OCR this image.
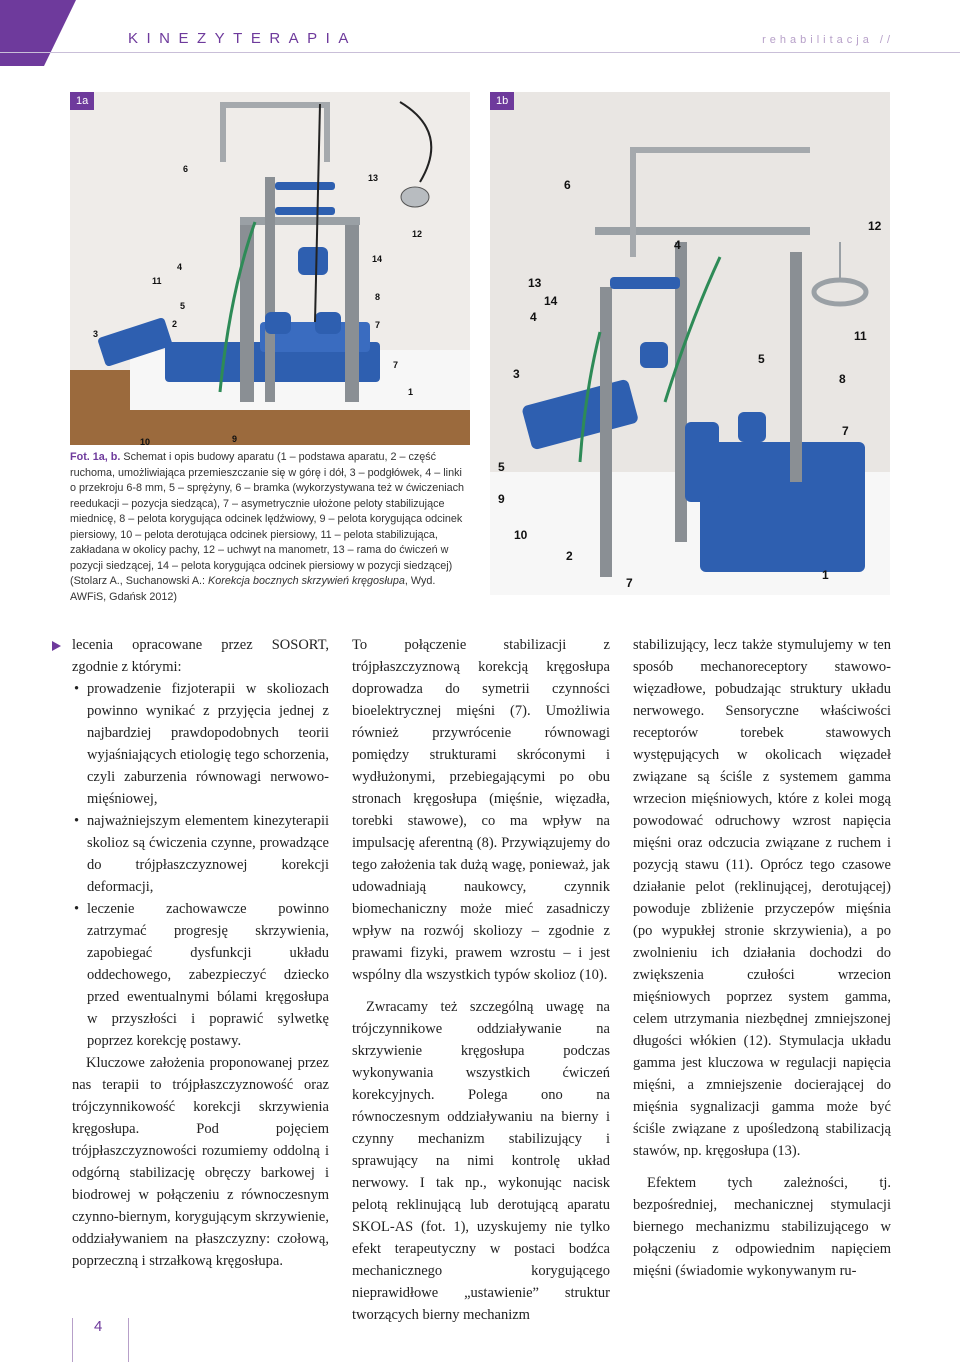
KINEZYTERAPIA	rehabilitacja //
1a
6
13
12
4
14
11
8
5
2	7
3
7
1
10	9
1b
6
12
4
13
14
4
11
5
8
3
7
5
9
10
2
7
1

Fot. 1a, b. Schemat i opis budowy aparatu (1 – podstawa aparatu, 2 – część ruchoma, umożliwiająca przemieszczanie się w górę i dół, 3 – podgłówek, 4 – linki o przekroju 6-8 mm, 5 – sprężyny, 6 – bramka (wykorzystywana też w ćwiczeniach reedukacji – pozycja siedząca), 7 – asymetrycznie ułożone peloty stabilizujące miednicę, 8 – pelota korygująca odcinek lędźwiowy, 9 – pelota korygująca odcinek piersiowy, 10 – pelota derotująca odcinek piersiowy, 11 – pelota stabilizująca, zakładana w okolicy pachy, 12 – uchwyt na manometr, 13 – rama do ćwiczeń w pozycji siedzącej, 14 – pelota korygująca odcinek piersiowy w pozycji siedzącej) (Stolarz A., Suchanowski A.: Korekcja bocznych skrzywień kręgosłupa, Wyd. AWFiS, Gdańsk 2012)

lecenia opracowane przez SOSORT, zgodnie z którymi:

• prowadzenie fizjoterapii w skoliozach powinno wynikać z przyjęcia jednej z najbardziej prawdopodobnych teorii wyjaśniających etiologię tego schorzenia, czyli zaburzenia równowagi nerwowo-mięśniowej,
• najważniejszym elementem kinezyterapii skolioz są ćwiczenia czynne, prowadzące do trójpłaszczyznowej korekcji deformacji,
• leczenie zachowawcze powinno zatrzymać progresję skrzywienia, zapobiegać dysfunkcji układu oddechowego, zabezpieczyć dziecko przed ewentualnymi bólami kręgosłupa w przyszłości i poprawić sylwetkę poprzez korekcję postawy.

Kluczowe założenia proponowanej przez nas terapii to trójpłaszczyznowość oraz trójczynnikowość korekcji skrzywienia kręgosłupa. Pod pojęciem trójpłaszczyznowości rozumiemy oddolną i odgórną stabilizację obręczy barkowej i biodrowej w połączeniu z równoczesnym czynno-biernym, korygującym skrzywienie, oddziaływaniem na płaszczyzny: czołową, poprzeczną i strzałkową kręgosłupa.

To połączenie stabilizacji z trójpłaszczyznową korekcją kręgosłupa doprowadza do symetrii czynności bioelektrycznej mięśni (7). Umożliwia również przywrócenie równowagi pomiędzy strukturami skróconymi i wydłużonymi, przebiegającymi po obu stronach kręgosłupa (mięśnie, więzadła, torebki stawowe), co ma wpływ na impulsację aferentną (8). Przywiązujemy do tego założenia tak dużą wagę, ponieważ, jak udowadniają naukowcy, czynnik biomechaniczny może mieć zasadniczy wpływ na rozwój skoliozy – zgodnie z prawami fizyki, prawem wzrostu – i jest wspólny dla wszystkich typów skolioz (10).

Zwracamy też szczególną uwagę na trójczynnikowe oddziaływanie na skrzywienie kręgosłupa podczas wykonywania wszystkich ćwiczeń korekcyjnych. Polega ono na równoczesnym oddziaływaniu na bierny i czynny mechanizm stabilizujący i sprawujący na nimi kontrolę układ nerwowy. I tak np., wykonując nacisk pelotą reklinującą lub derotującą aparatu SKOL-AS (fot. 1), uzyskujemy nie tylko efekt terapeutyczny w postaci bodźca mechanicznego korygującego nieprawidłowe „ustawienie” struktur tworzących bierny mechanizm

stabilizujący, lecz także stymulujemy w ten sposób mechanoreceptory stawowo-więzadłowe, pobudzając struktury układu nerwowego. Sensoryczne właściwości receptorów torebek stawowych występujących w okolicach więzadeł związane są ściśle z systemem gamma wrzecion mięśniowych, które z kolei mogą powodować odruchowy wzrost napięcia mięśni oraz odczucia związane z ruchem i pozycją stawu (11). Oprócz tego czasowe działanie pelot (reklinującej, derotującej) powoduje zbliżenie przyczepów mięśnia (po wypukłej stronie skrzywienia), a po zwolnieniu ich działania dochodzi do zwiększenia czułości wrzecion mięśniowych poprzez system gamma, celem utrzymania niezbędnej zmniejszonej długości włókien (12). Stymulacja układu gamma jest kluczowa w regulacji napięcia mięśni, a zmniejszenie docierającej do mięśnia sygnalizacji gamma może być ściśle związane z upośledzoną stabilizacją stawów, np. kręgosłupa (13).

Efektem tych zależności, tj. bezpośredniej, mechanicznej stymulacji biernego mechanizmu stabilizującego w połączeniu z odpowiednim napięciem mięśni (świadomie wykonywanym ru-

4
